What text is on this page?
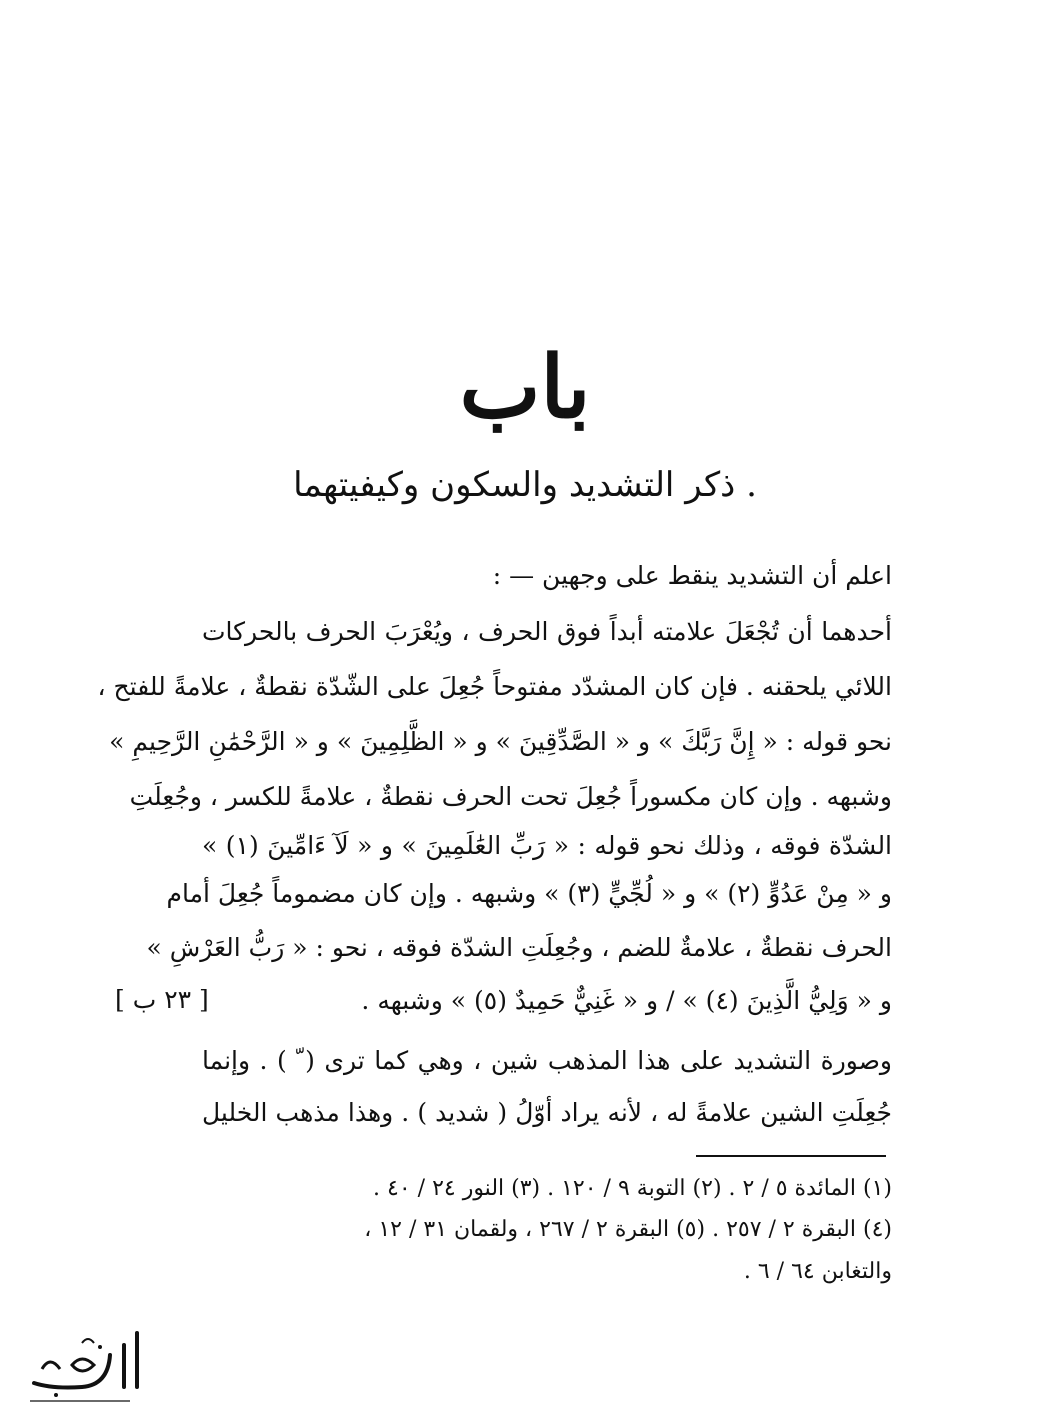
باب
ذكر التشديد والسكون وكيفيتهما .
اعلم أن التشديد ينقط على وجهين — :
أحدهما أن تُجْعَلَ علامته أبداً فوق الحرف ، ويُعْرَبَ الحرف بالحركات
اللائي يلحقنه . فإن كان المشدّد مفتوحاً جُعِلَ على الشّدّة نقطةٌ ، علامةً للفتح ،
نحو قوله : « إِنَّ رَبَّكَ » و « الصَّدِّقِينَ » و « الظَّلِمِينَ » و « الرَّحْمَٰنِ الرَّحِيمِ »
وشبهه . وإن كان مكسوراً جُعِلَ تحت الحرف نقطةٌ ، علامةً للكسر ، وجُعِلَتِ
الشدّة فوقه ، وذلك نحو قوله : « رَبِّ العَٰلَمِينَ » و « لَآ ءَامِّينَ (١) »
و « مِنْ عَدُوٍّ (٢) » و « لُجِّيٍّ (٣) » وشبهه . وإن كان مضموماً جُعِلَ أمام
الحرف نقطةٌ ، علامةٌ للضم ، وجُعِلَتِ الشدّة فوقه ، نحو : « رَبُّ العَرْشِ »
و « وَلِيُّ الَّذِينَ (٤) » / و « غَنِيٌّ حَمِيدٌ (٥) » وشبهه .
وصورة التشديد على هذا المذهب شين ، وهي كما ترى ( ّ ) . وإنما
جُعِلَتِ الشين علامةً له ، لأنه يراد أوّلُ ( شديد ) . وهذا مذهب الخليل
[ ٢٣ ب ]
(١) المائدة ٥ / ٢ . (٢) التوبة ٩ / ١٢٠ . (٣) النور ٢٤ / ٤٠ .
(٤) البقرة ٢ / ٢٥٧ . (٥) البقرة ٢ / ٢٦٧ ، ولقمان ٣١ / ١٢ ،
والتغابن ٦٤ / ٦ .
